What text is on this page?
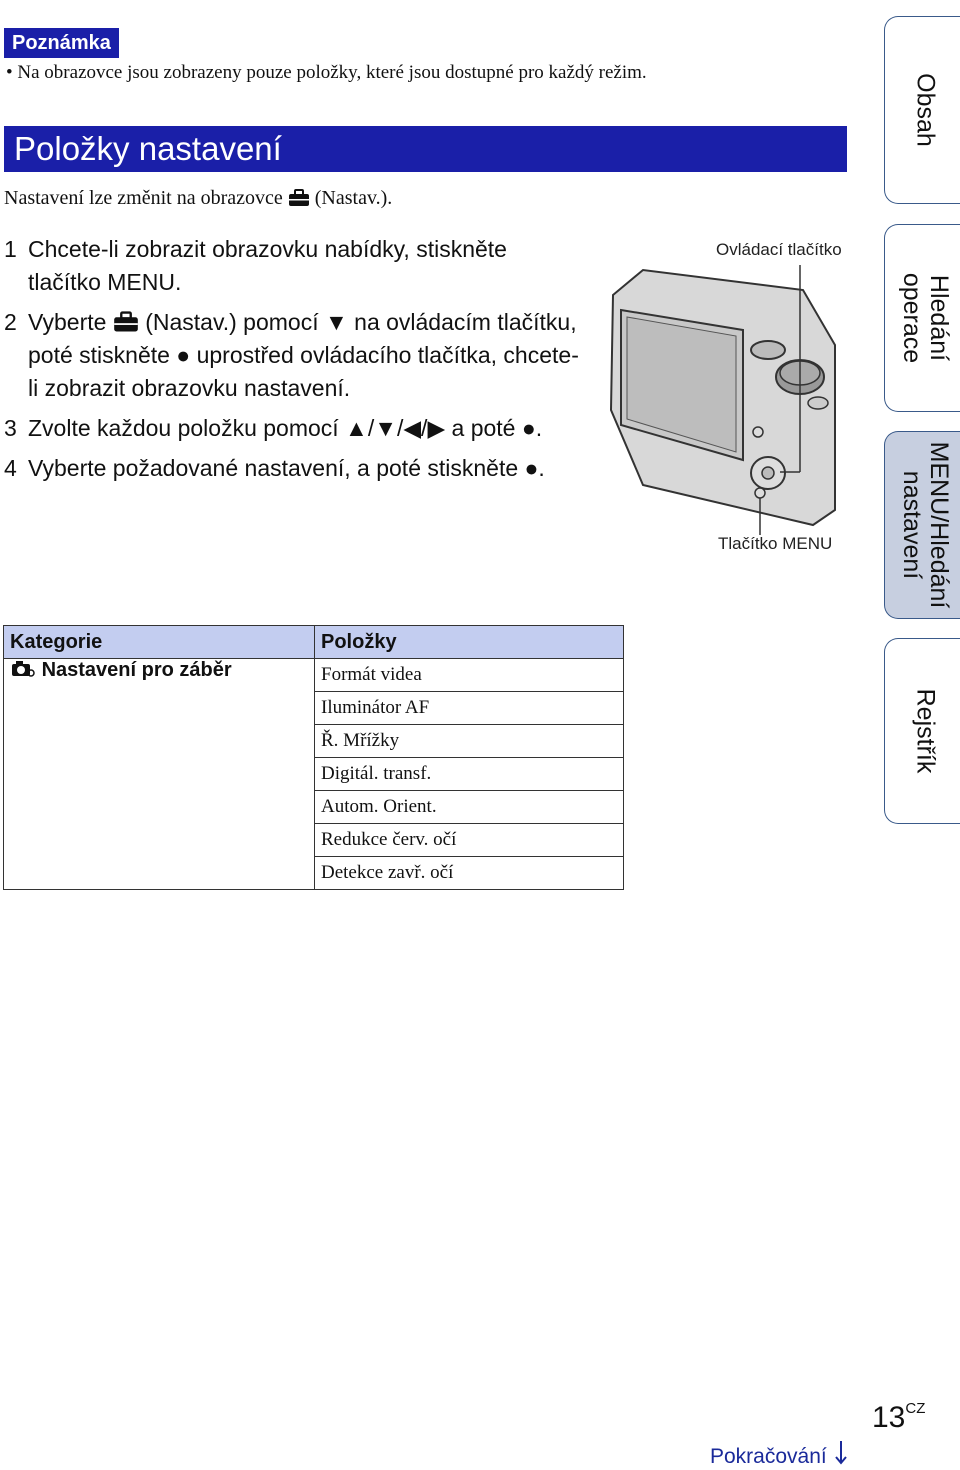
Poznámka
• Na obrazovce jsou zobrazeny pouze položky, které jsou dostupné pro každý režim.
Položky nastavení
Nastavení lze změnit na obrazovce (Nastav.).
1 Chcete-li zobrazit obrazovku nabídky, stiskněte tlačítko MENU.
2 Vyberte (Nastav.) pomocí ▼ na ovládacím tlačítku, poté stiskněte ● uprostřed ovládacího tlačítka, chcete-li zobrazit obrazovku nastavení.
3 Zvolte každou položku pomocí ▲/▼/◀/▶ a poté ●.
4 Vyberte požadované nastavení, a poté stiskněte ●.
Ovládací tlačítko
Tlačítko MENU
Kategorie	Položky
Nastavení pro záběr	Formát videa
	Iluminátor AF
	Ř. Mřížky
	Digitál. transf.
	Autom. Orient.
	Redukce červ. očí
	Detekce zavř. očí
Obsah
Hledání
operace
MENU/Hledání
nastavení
Rejstřík
$13^{CZ}$
Pokračování
